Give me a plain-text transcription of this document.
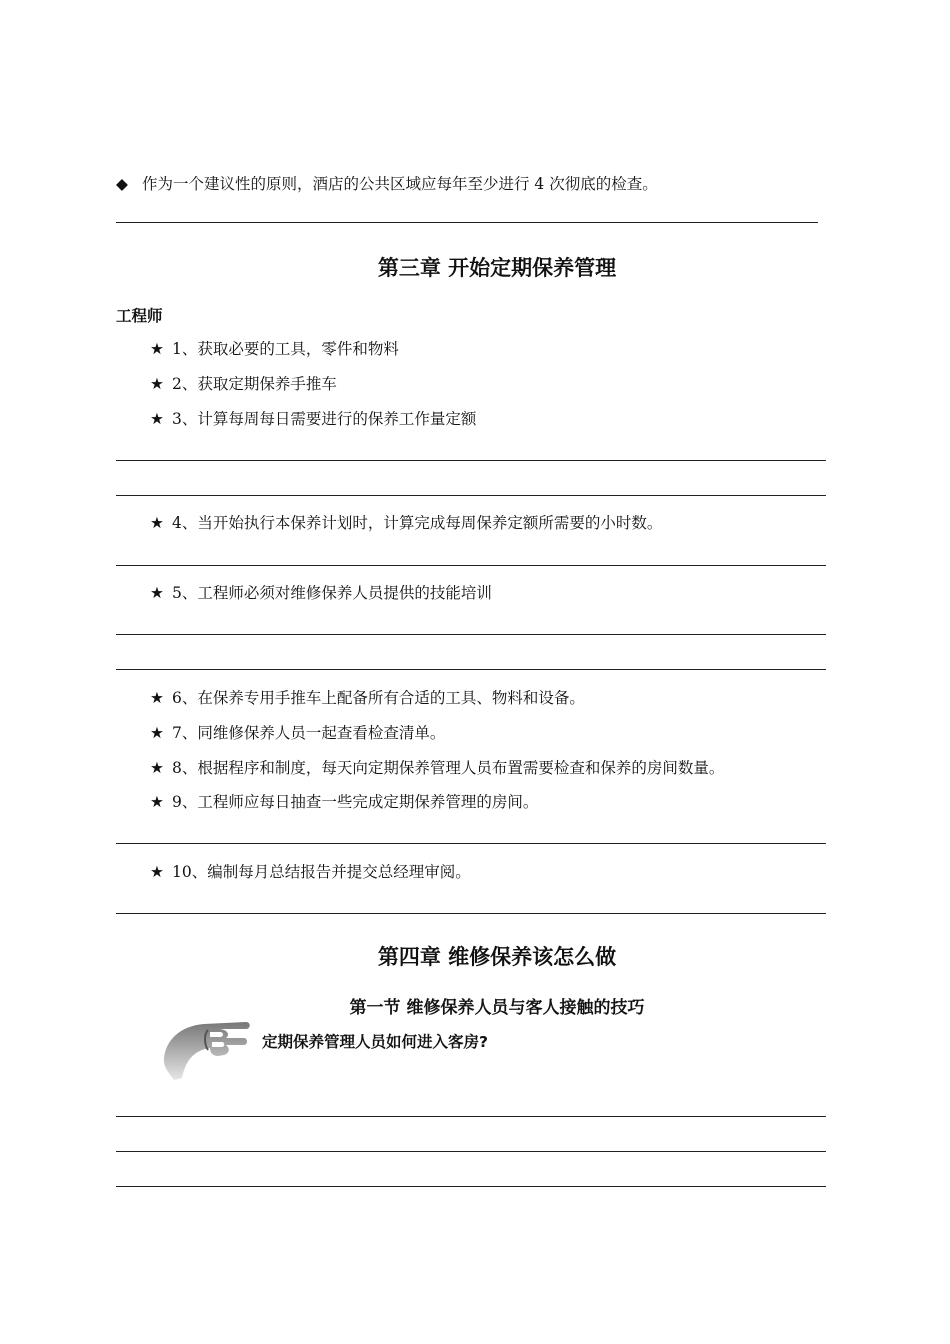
◆ 作为一个建议性的原则，酒店的公共区域应每年至少进行 4 次彻底的检查。
第三章 开始定期保养管理
工程师
★ 1、获取必要的工具，零件和物料
★ 2、获取定期保养手推车
★ 3、计算每周每日需要进行的保养工作量定额
★ 4、当开始执行本保养计划时，计算完成每周保养定额所需要的小时数。
★ 5、工程师必须对维修保养人员提供的技能培训
★ 6、在保养专用手推车上配备所有合适的工具、物料和设备。
★ 7、同维修保养人员一起查看检查清单。
★ 8、根据程序和制度，每天向定期保养管理人员布置需要检查和保养的房间数量。
★ 9、工程师应每日抽查一些完成定期保养管理的房间。
★ 10、编制每月总结报告并提交总经理审阅。
第四章 维修保养该怎么做
第一节 维修保养人员与客人接触的技巧
定期保养管理人员如何进入客房?
